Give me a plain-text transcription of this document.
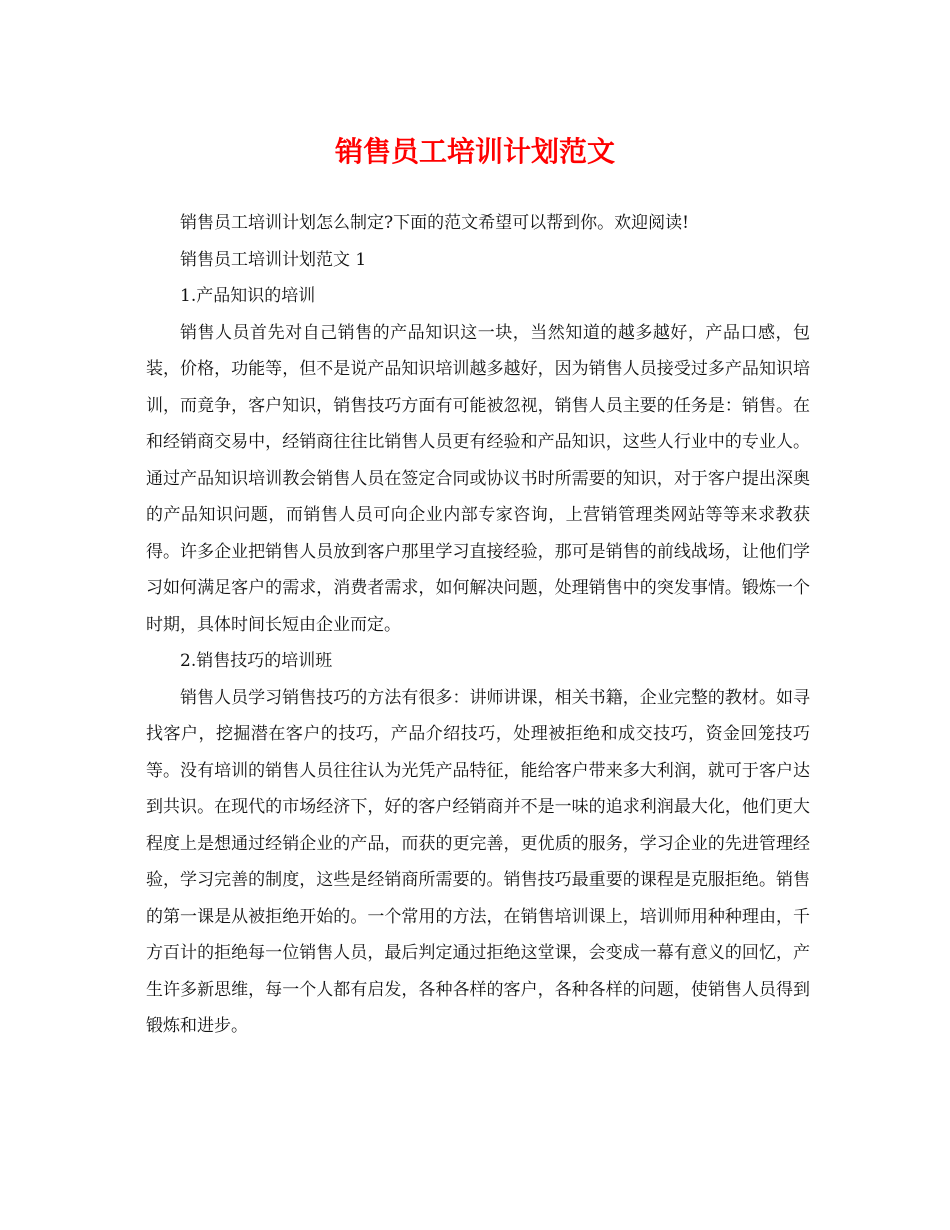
销售员工培训计划范文

销售员工培训计划怎么制定?下面的范文希望可以帮到你。欢迎阅读!

销售员工培训计划范文 1

1.产品知识的培训

销售人员首先对自己销售的产品知识这一块，当然知道的越多越好，产品口感，包装，价格，功能等，但不是说产品知识培训越多越好，因为销售人员接受过多产品知识培训，而竟争，客户知识，销售技巧方面有可能被忽视，销售人员主要的任务是：销售。在和经销商交易中，经销商往往比销售人员更有经验和产品知识，这些人行业中的专业人。通过产品知识培训教会销售人员在签定合同或协议书时所需要的知识，对于客户提出深奥的产品知识问题，而销售人员可向企业内部专家咨询，上营销管理类网站等等来求教获得。许多企业把销售人员放到客户那里学习直接经验，那可是销售的前线战场，让他们学习如何满足客户的需求，消费者需求，如何解决问题，处理销售中的突发事情。锻炼一个时期，具体时间长短由企业而定。

2.销售技巧的培训班

销售人员学习销售技巧的方法有很多：讲师讲课，相关书籍，企业完整的教材。如寻找客户，挖掘潜在客户的技巧，产品介绍技巧，处理被拒绝和成交技巧，资金回笼技巧等。没有培训的销售人员往往认为光凭产品特征，能给客户带来多大利润，就可于客户达到共识。在现代的市场经济下，好的客户经销商并不是一味的追求利润最大化，他们更大程度上是想通过经销企业的产品，而获的更完善，更优质的服务，学习企业的先进管理经验，学习完善的制度，这些是经销商所需要的。销售技巧最重要的课程是克服拒绝。销售的第一课是从被拒绝开始的。一个常用的方法，在销售培训课上，培训师用种种理由，千方百计的拒绝每一位销售人员，最后判定通过拒绝这堂课，会变成一幕有意义的回忆，产生许多新思维，每一个人都有启发，各种各样的客户，各种各样的问题，使销售人员得到锻炼和进步。
